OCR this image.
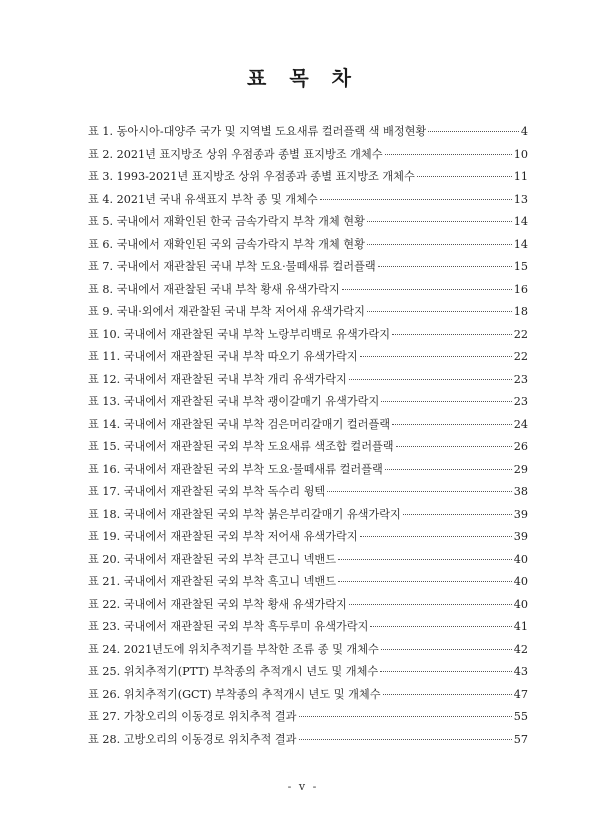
표 목 차
표 1. 동아시아-대양주 국가 및 지역별 도요새류 컬러플랙 색 배정현황	4
표 2. 2021년 표지방조 상위 우점종과 종별 표지방조 개체수	10
표 3. 1993-2021년 표지방조 상위 우점종과 종별 표지방조 개체수	11
표 4. 2021년 국내 유색표지 부착 종 및 개체수	13
표 5. 국내에서 재확인된 한국 금속가락지 부착 개체 현황	14
표 6. 국내에서 재확인된 국외 금속가락지 부착 개체 현황	14
표 7. 국내에서 재관찰된 국내 부착 도요·물떼새류 컬러플랙	15
표 8. 국내에서 재관찰된 국내 부착 황새 유색가락지	16
표 9. 국내·외에서 재관찰된 국내 부착 저어새 유색가락지	18
표 10. 국내에서 재관찰된 국내 부착 노랑부리백로 유색가락지	22
표 11. 국내에서 재관찰된 국내 부착 따오기 유색가락지	22
표 12. 국내에서 재관찰된 국내 부착 개리 유색가락지	23
표 13. 국내에서 재관찰된 국내 부착 괭이갈매기 유색가락지	23
표 14. 국내에서 재관찰된 국내 부착 검은머리갈매기 컬러플랙	24
표 15. 국내에서 재관찰된 국외 부착 도요새류 색조합 컬러플랙	26
표 16. 국내에서 재관찰된 국외 부착 도요·물떼새류 컬러플랙	29
표 17. 국내에서 재관찰된 국외 부착 독수리 윙텍	38
표 18. 국내에서 재관찰된 국외 부착 붉은부리갈매기 유색가락지	39
표 19. 국내에서 재관찰된 국외 부착 저어새 유색가락지	39
표 20. 국내에서 재관찰된 국외 부착 큰고니 넥밴드	40
표 21. 국내에서 재관찰된 국외 부착 흑고니 넥밴드	40
표 22. 국내에서 재관찰된 국외 부착 황새 유색가락지	40
표 23. 국내에서 재관찰된 국외 부착 흑두루미 유색가락지	41
표 24. 2021년도에 위치추적기를 부착한 조류 종 및 개체수	42
표 25. 위치추적기(PTT) 부착종의 추적개시 년도 및 개체수	43
표 26. 위치추적기(GCT) 부착종의 추적개시 년도 및 개체수	47
표 27. 가창오리의 이동경로 위치추적 결과	55
표 28. 고방오리의 이동경로 위치추적 결과	57
- v -
